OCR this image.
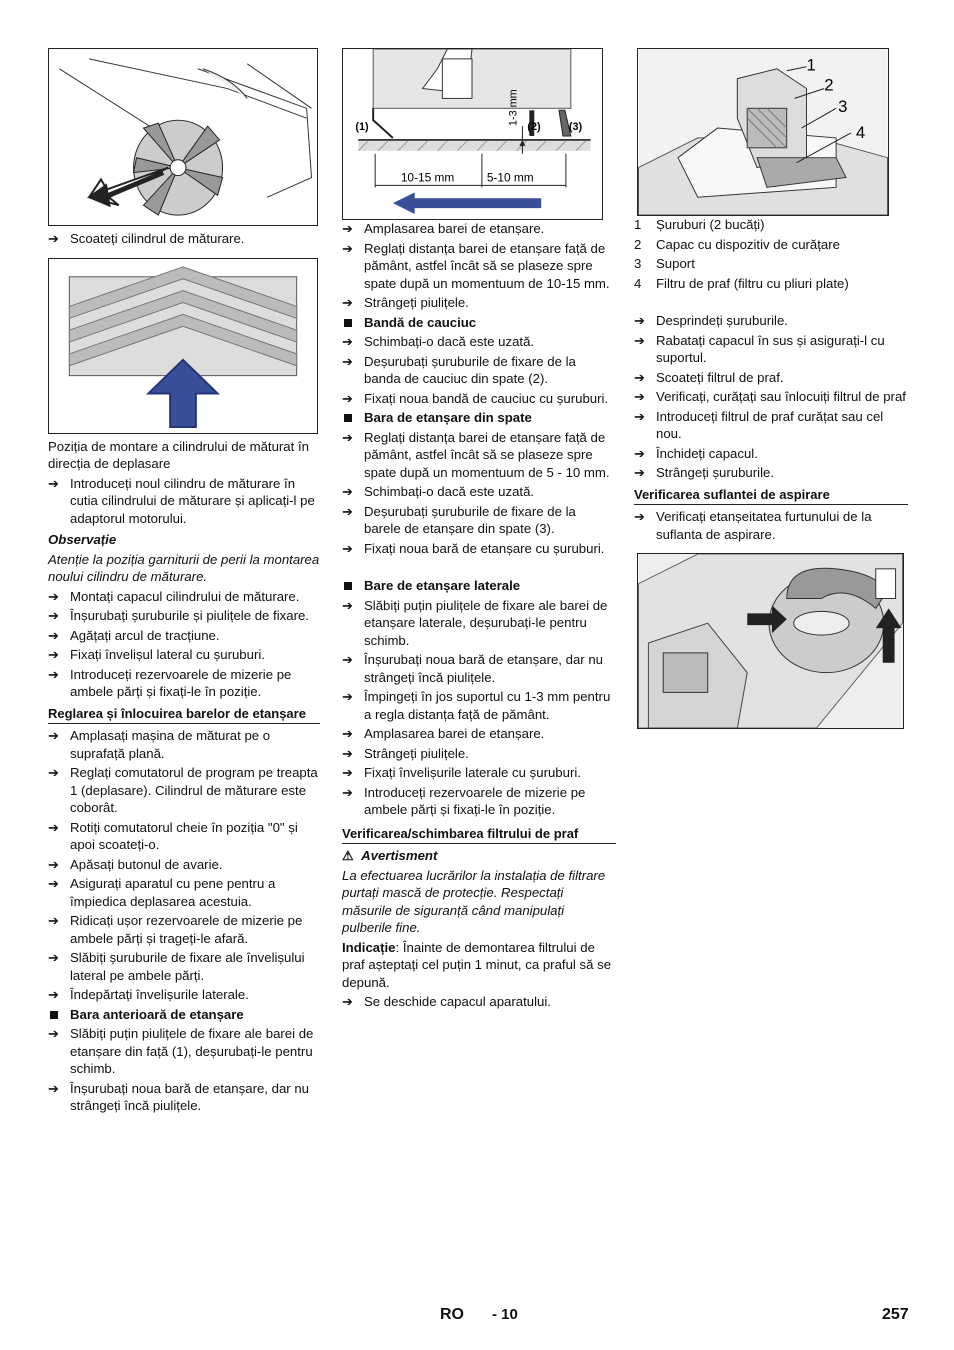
➔ Scoateți cilindrul de măturare.
Poziția de montare a cilindrului de măturat în direcția de deplasare
➔ Introduceți noul cilindru de măturare în cutia cilindrului de măturare și aplicați-l pe adaptorul motorului.
Observație
Atenție la poziția garniturii de perii la montarea noului cilindru de măturare.
➔ Montați capacul cilindrului de măturare.
➔ Înșurubați șuruburile și piulițele de fixare.
➔ Agățați arcul de tracțiune.
➔ Fixați învelișul lateral cu șuruburi.
➔ Introduceți rezervoarele de mizerie pe ambele părți și fixați-le în poziție.
Reglarea și înlocuirea barelor de etanșare
➔ Amplasați mașina de măturat pe o suprafață plană.
➔ Reglați comutatorul de program pe treapta 1 (deplasare). Cilindrul de măturare este coborât.
➔ Rotiți comutatorul cheie în poziția "0" și apoi scoateți-o.
➔ Apăsați butonul de avarie.
➔ Asigurați aparatul cu pene pentru a împiedica deplasarea acestuia.
➔ Ridicați ușor rezervoarele de mizerie pe ambele părți și trageți-le afară.
➔ Slăbiți șuruburile de fixare ale învelișului lateral pe ambele părți.
➔ Îndepărtați învelișurile laterale.
Bara anterioară de etanșare
➔ Slăbiți puțin piulițele de fixare ale barei de etanșare din față (1), deșurubați-le pentru schimb.
➔ Înșurubați noua bară de etanșare, dar nu strângeți încă piulițele.
(1)	(2)	(3)
1-3 mm
10-15 mm	5-10 mm
➔ Amplasarea barei de etanșare.
➔ Reglați distanța barei de etanșare față de pământ, astfel încât să se plaseze spre spate după un momentuum de 10-15 mm.
➔ Strângeți piulițele.
Bandă de cauciuc
➔ Schimbați-o dacă este uzată.
➔ Deșurubați șuruburile de fixare de la banda de cauciuc din spate (2).
➔ Fixați noua bandă de cauciuc cu șuruburi.
Bara de etanșare din spate
➔ Reglați distanța barei de etanșare față de pământ, astfel încât să se plaseze spre spate după un momentuum de 5 - 10 mm.
➔ Schimbați-o dacă este uzată.
➔ Deșurubați șuruburile de fixare de la barele de etanșare din spate (3).
➔ Fixați noua bară de etanșare cu șuruburi.
Bare de etanșare laterale
➔ Slăbiți puțin piulițele de fixare ale barei de etanșare laterale, deșurubați-le pentru schimb.
➔ Înșurubați noua bară de etanșare, dar nu strângeți încă piulițele.
➔ Împingeți în jos suportul cu 1-3 mm pentru a regla distanța față de pământ.
➔ Amplasarea barei de etanșare.
➔ Strângeți piulițele.
➔ Fixați învelișurile laterale cu șuruburi.
➔ Introduceți rezervoarele de mizerie pe ambele părți și fixați-le în poziție.
Verificarea/schimbarea filtrului de praf
⚠ Avertisment
La efectuarea lucrărilor la instalația de filtrare purtați mască de protecție. Respectați măsurile de siguranță când manipulați pulberile fine.
Indicație: Înainte de demontarea filtrului de praf așteptați cel puțin 1 minut, ca praful să se depună.
➔ Se deschide capacul aparatului.
1
2
3
4
1 Șuruburi (2 bucăți)
2 Capac cu dispozitiv de curățare
3 Suport
4 Filtru de praf (filtru cu pliuri plate)
➔ Desprindeți șuruburile.
➔ Rabatați capacul în sus și asigurați-l cu suportul.
➔ Scoateți filtrul de praf.
➔ Verificați, curățați sau înlocuiți filtrul de praf
➔ Introduceți filtrul de praf curățat sau cel nou.
➔ Închideți capacul.
➔ Strângeți șuruburile.
Verificarea suflantei de aspirare
➔ Verificați etanșeitatea furtunului de la suflanta de aspirare.
RO - 10	257
